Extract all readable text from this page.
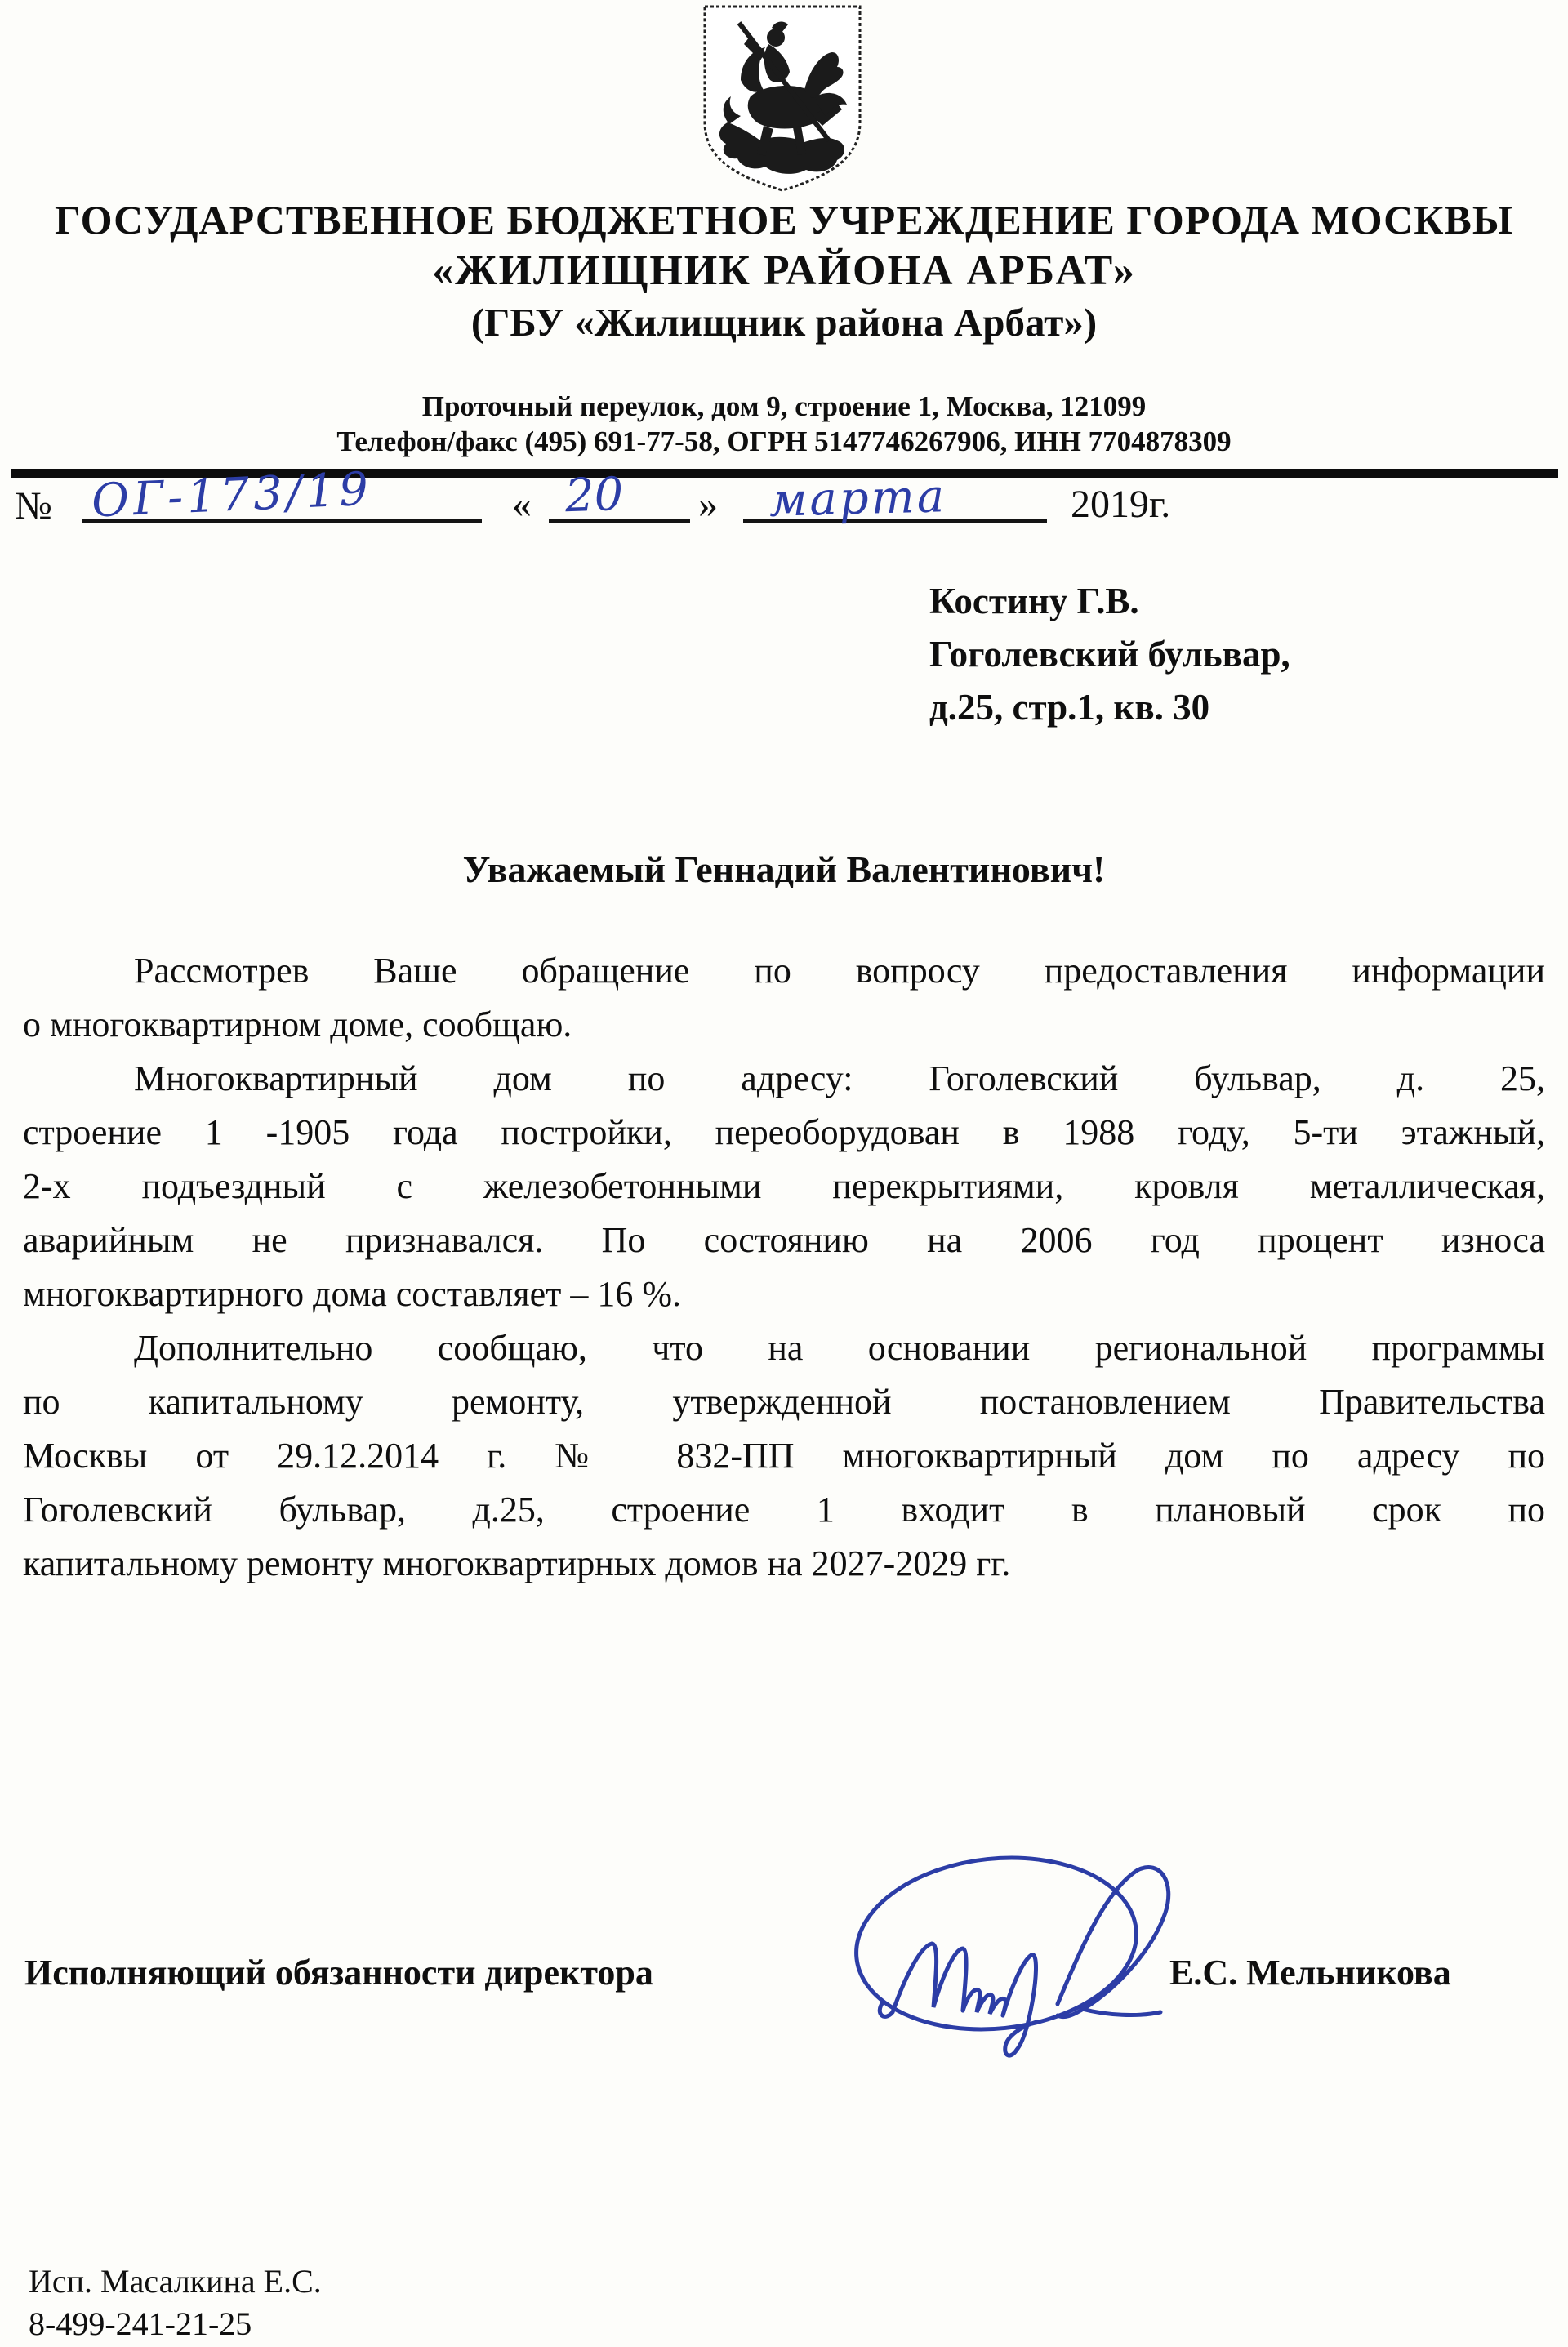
ГОСУДАРСТВЕННОЕ БЮДЖЕТНОЕ УЧРЕЖДЕНИЕ ГОРОДА МОСКВЫ
«ЖИЛИЩНИК РАЙОНА АРБАТ»
(ГБУ «Жилищник района Арбат»)
Проточный переулок, дом 9, строение 1, Москва, 121099
Телефон/факс (495) 691-77-58, ОГРН 5147746267906, ИНН 7704878309
№ ОГ-173/19	« 20 » марта	2019г.
Костину Г.В.
Гоголевский бульвар,
д.25, стр.1, кв. 30
Уважаемый Геннадий Валентинович!
Рассмотрев Ваше обращение по вопросу предоставления информации
о многоквартирном доме, сообщаю.
Многоквартирный дом по адресу: Гоголевский бульвар, д. 25,
строение 1 -1905 года постройки, переоборудован в 1988 году, 5-ти этажный,
2-х подъездный с железобетонными перекрытиями, кровля металлическая,
аварийным не признавался. По состоянию на 2006 год процент износа
многоквартирного дома составляет – 16 %.
Дополнительно сообщаю, что на основании региональной программы
по капитальному ремонту, утвержденной постановлением Правительства
Москвы от 29.12.2014 г. № 832-ПП многоквартирный дом по адресу по
Гоголевский бульвар, д.25, строение 1 входит в плановый срок по
капитальному ремонту многоквартирных домов на 2027-2029 гг.
Исполняющий обязанности директора	Е.С. Мельникова
Исп. Масалкина Е.С.
8-499-241-21-25
